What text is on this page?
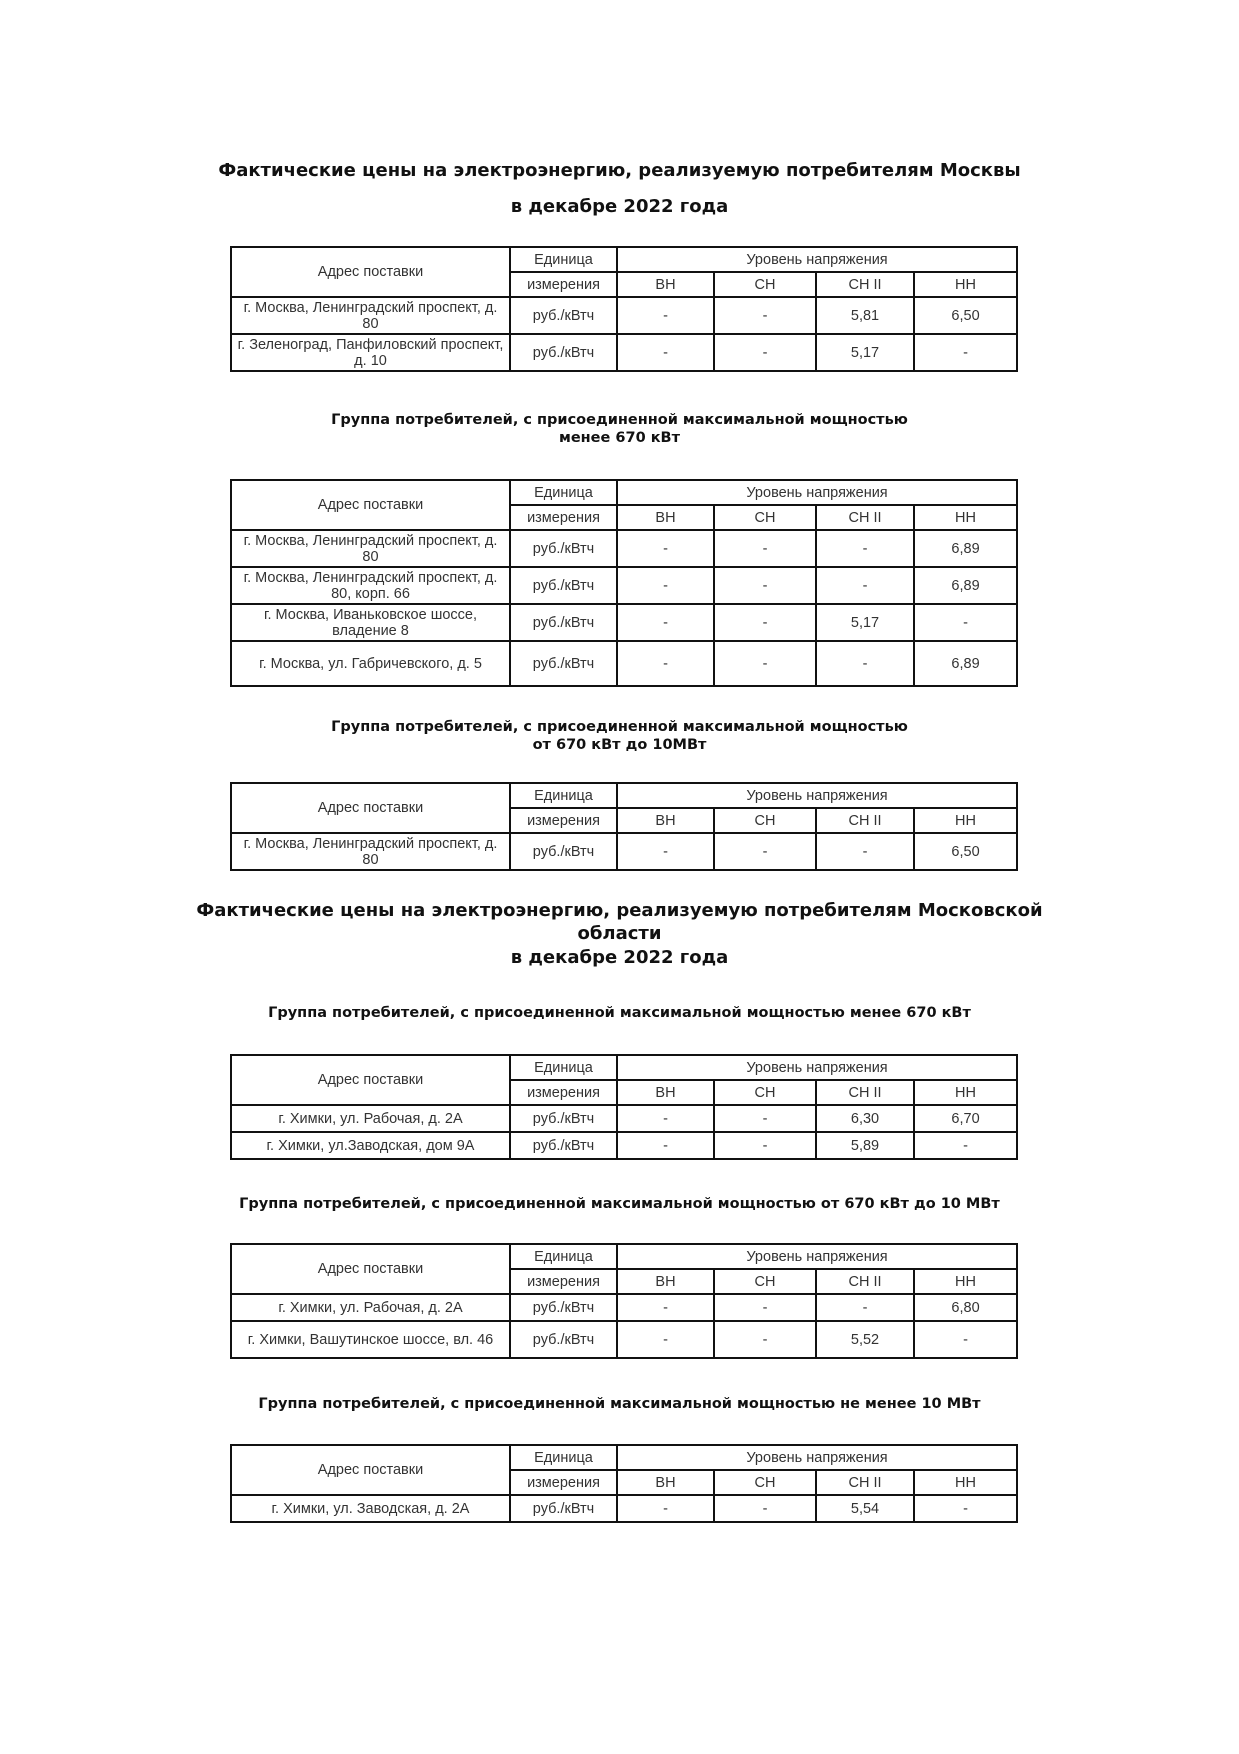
Фактические цены на электроэнергию, реализуемую потребителям Москвы
в декабре 2022 года
Адрес поставки	Единица	Уровень напряжения			
	измерения	ВН	СН	СН II	НН
г. Москва, Ленинградский проспект, д. 80	руб./кВтч	-	-	5,81	6,50
г. Зеленоград, Панфиловский проспект, д. 10	руб./кВтч	-	-	5,17	-

Группа потребителей, с присоединенной максимальной мощностью

менее 670 кВт

Адрес поставки	Единица	Уровень напряжения			
	измерения	ВН	СН	СН II	НН
г. Москва, Ленинградский проспект, д. 80	руб./кВтч	-	-	-	6,89
г. Москва, Ленинградский проспект, д. 80, корп. 66	руб./кВтч	-	-	-	6,89
г. Москва, Иваньковское шоссе, владение 8	руб./кВтч	-	-	5,17	-
г. Москва, ул. Габричевского, д. 5	руб./кВтч	-	-	-	6,89

Группа потребителей, с присоединенной максимальной мощностью

от 670 кВт до 10МВт

Адрес поставки	Единица	Уровень напряжения			
	измерения	ВН	СН	СН II	НН
г. Москва, Ленинградский проспект, д. 80	руб./кВтч	-	-	-	6,50
Фактические цены на электроэнергию, реализуемую потребителям Московской
области
в декабре 2022 года

Группа потребителей, с присоединенной максимальной мощностью менее 670 кВт

Адрес поставки	Единица	Уровень напряжения			
	измерения	ВН	СН	СН II	НН
г. Химки, ул. Рабочая, д. 2А	руб./кВтч	-	-	6,30	6,70
г. Химки, ул.Заводская, дом 9А	руб./кВтч	-	-	5,89	-

Группа потребителей, с присоединенной максимальной мощностью от 670 кВт до 10 МВт

Адрес поставки	Единица	Уровень напряжения			
	измерения	ВН	СН	СН II	НН
г. Химки, ул. Рабочая, д. 2А	руб./кВтч	-	-	-	6,80
г. Химки, Вашутинское шоссе, вл. 46	руб./кВтч	-	-	5,52	-

Группа потребителей, с присоединенной максимальной мощностью не менее 10 МВт

Адрес поставки	Единица	Уровень напряжения			
	измерения	ВН	СН	СН II	НН
г. Химки, ул. Заводская, д. 2А	руб./кВтч	-	-	5,54	-
